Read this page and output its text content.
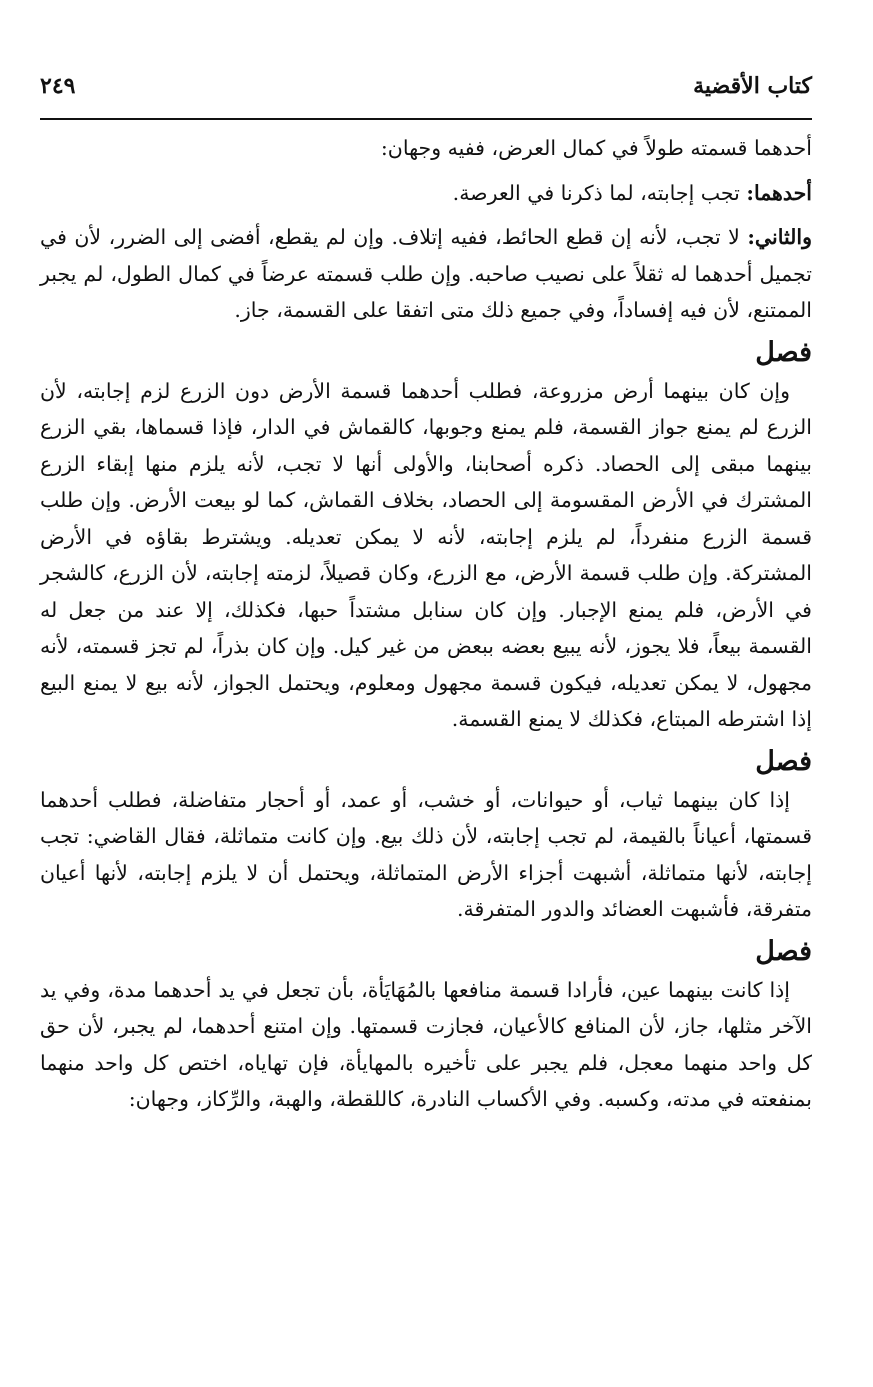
كتاب الأقضية
٢٤٩

أحدهما قسمته طولاً في كمال العرض، ففيه وجهان:

أحدهما: تجب إجابته، لما ذكرنا في العرصة.

والثاني: لا تجب، لأنه إن قطع الحائط، ففيه إتلاف. وإن لم يقطع، أفضى إلى الضرر، لأن في تجميل أحدهما له ثقلاً على نصيب صاحبه. وإن طلب قسمته عرضاً في كمال الطول، لم يجبر الممتنع، لأن فيه إفساداً، وفي جميع ذلك متى اتفقا على القسمة، جاز.

فصل

وإن كان بينهما أرض مزروعة، فطلب أحدهما قسمة الأرض دون الزرع لزم إجابته، لأن الزرع لم يمنع جواز القسمة، فلم يمنع وجوبها، كالقماش في الدار، فإذا قسماها، بقي الزرع بينهما مبقى إلى الحصاد. ذكره أصحابنا، والأولى أنها لا تجب، لأنه يلزم منها إبقاء الزرع المشترك في الأرض المقسومة إلى الحصاد، بخلاف القماش، كما لو بيعت الأرض. وإن طلب قسمة الزرع منفرداً، لم يلزم إجابته، لأنه لا يمكن تعديله. ويشترط بقاؤه في الأرض المشتركة. وإن طلب قسمة الأرض، مع الزرع، وكان قصيلاً، لزمته إجابته، لأن الزرع، كالشجر في الأرض، فلم يمنع الإجبار. وإن كان سنابل مشتداً حبها، فكذلك، إلا عند من جعل له القسمة بيعاً، فلا يجوز، لأنه يبيع بعضه ببعض من غير كيل. وإن كان بذراً، لم تجز قسمته، لأنه مجهول، لا يمكن تعديله، فيكون قسمة مجهول ومعلوم، ويحتمل الجواز، لأنه بيع لا يمنع البيع إذا اشترطه المبتاع، فكذلك لا يمنع القسمة.

فصل

إذا كان بينهما ثياب، أو حيوانات، أو خشب، أو عمد، أو أحجار متفاضلة، فطلب أحدهما قسمتها، أعياناً بالقيمة، لم تجب إجابته، لأن ذلك بيع. وإن كانت متماثلة، فقال القاضي: تجب إجابته، لأنها متماثلة، أشبهت أجزاء الأرض المتماثلة، ويحتمل أن لا يلزم إجابته، لأنها أعيان متفرقة، فأشبهت العضائد والدور المتفرقة.

فصل

إذا كانت بينهما عين، فأرادا قسمة منافعها بالمُهَايَأة، بأن تجعل في يد أحدهما مدة، وفي يد الآخر مثلها، جاز، لأن المنافع كالأعيان، فجازت قسمتها. وإن امتنع أحدهما، لم يجبر، لأن حق كل واحد منهما معجل، فلم يجبر على تأخيره بالمهايأة، فإن تهاياه، اختص كل واحد منهما بمنفعته في مدته، وكسبه. وفي الأكساب النادرة، كاللقطة، والهبة، والرِّكاز، وجهان:
